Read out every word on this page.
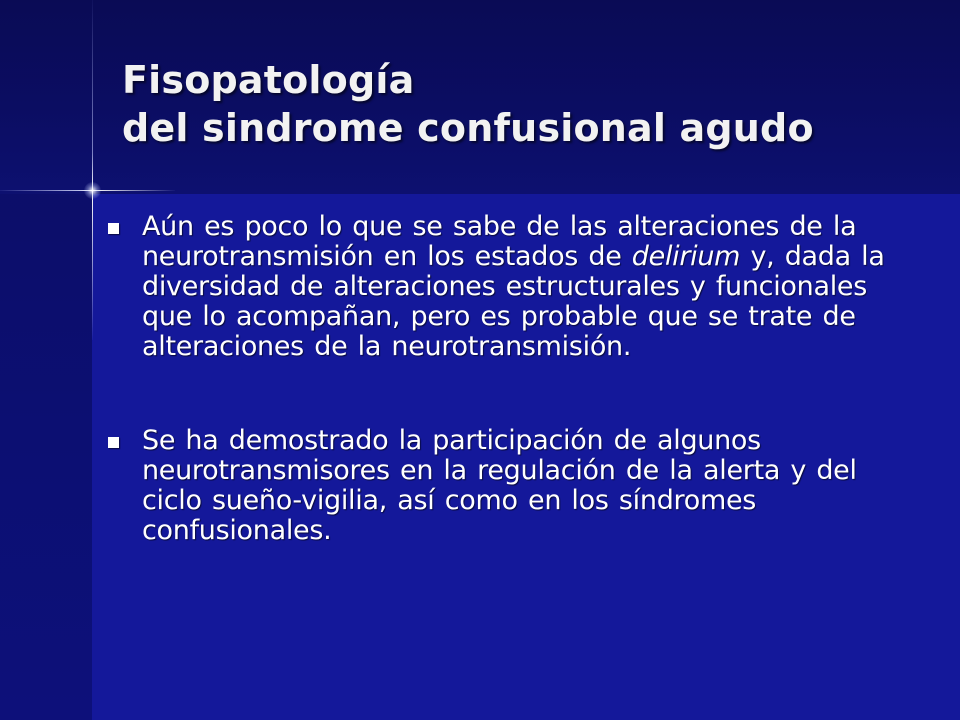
Fisopatología
del sindrome confusional agudo
Aún es poco lo que se sabe de las alteraciones de la neurotransmisión en los estados de delirium y, dada la diversidad de alteraciones estructurales y funcionales que lo acompañan, pero es probable que se trate de alteraciones de la neurotransmisión.
Se ha demostrado la participación de algunos neurotransmisores en la regulación de la alerta y del ciclo sueño-vigilia, así como en los síndromes confusionales.
